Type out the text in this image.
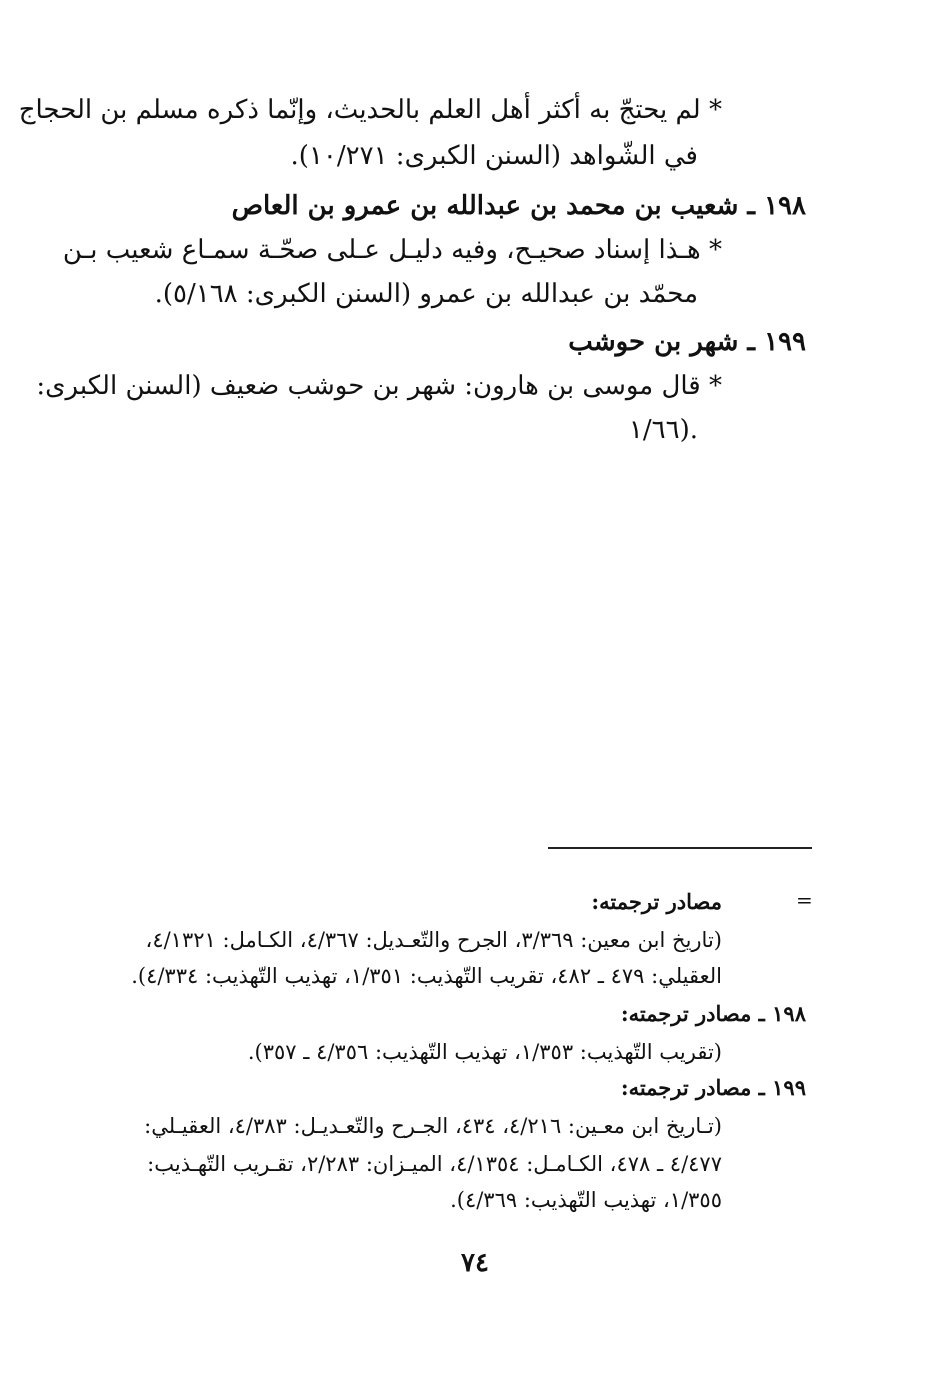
* لم يحتجّ به أكثر أهل العلم بالحديث، وإنّما ذكره مسلم بن الحجاج
في الشّواهد (السنن الكبرى: ١٠/٢٧١).
١٩٨ ـ شعيب بن محمد بن عبدالله بن عمرو بن العاص
* هـذا إسناد صحيـح، وفيه دليـل عـلى صحّـة سمـاع شعيب بـن
محمّد بن عبدالله بن عمرو (السنن الكبرى: ٥/١٦٨).
١٩٩ ـ شهر بن حوشب
* قال موسى بن هارون: شهر بن حوشب ضعيف (السنن الكبرى:
١/٦٦).
=
مصادر ترجمته:
(تاريخ ابن معين: ٣/٣٦٩، الجرح والتّعـديل: ٤/٣٦٧، الكـامل: ٤/١٣٢١،
العقيلي: ٤٧٩ ـ ٤٨٢، تقريب التّهذيب: ١/٣٥١، تهذيب التّهذيب: ٤/٣٣٤).
١٩٨ ـ مصادر ترجمته:
(تقريب التّهذيب: ١/٣٥٣، تهذيب التّهذيب: ٤/٣٥٦ ـ ٣٥٧).
١٩٩ ـ مصادر ترجمته:
(تـاريخ ابن معـين: ٤/٢١٦، ٤٣٤، الجـرح والتّعـديـل: ٤/٣٨٣، العقيـلي:
٤/٤٧٧ ـ ٤٧٨، الكـامـل: ٤/١٣٥٤، الميـزان: ٢/٢٨٣، تقـريب التّهـذيب:
١/٣٥٥، تهذيب التّهذيب: ٤/٣٦٩).
٧٤
